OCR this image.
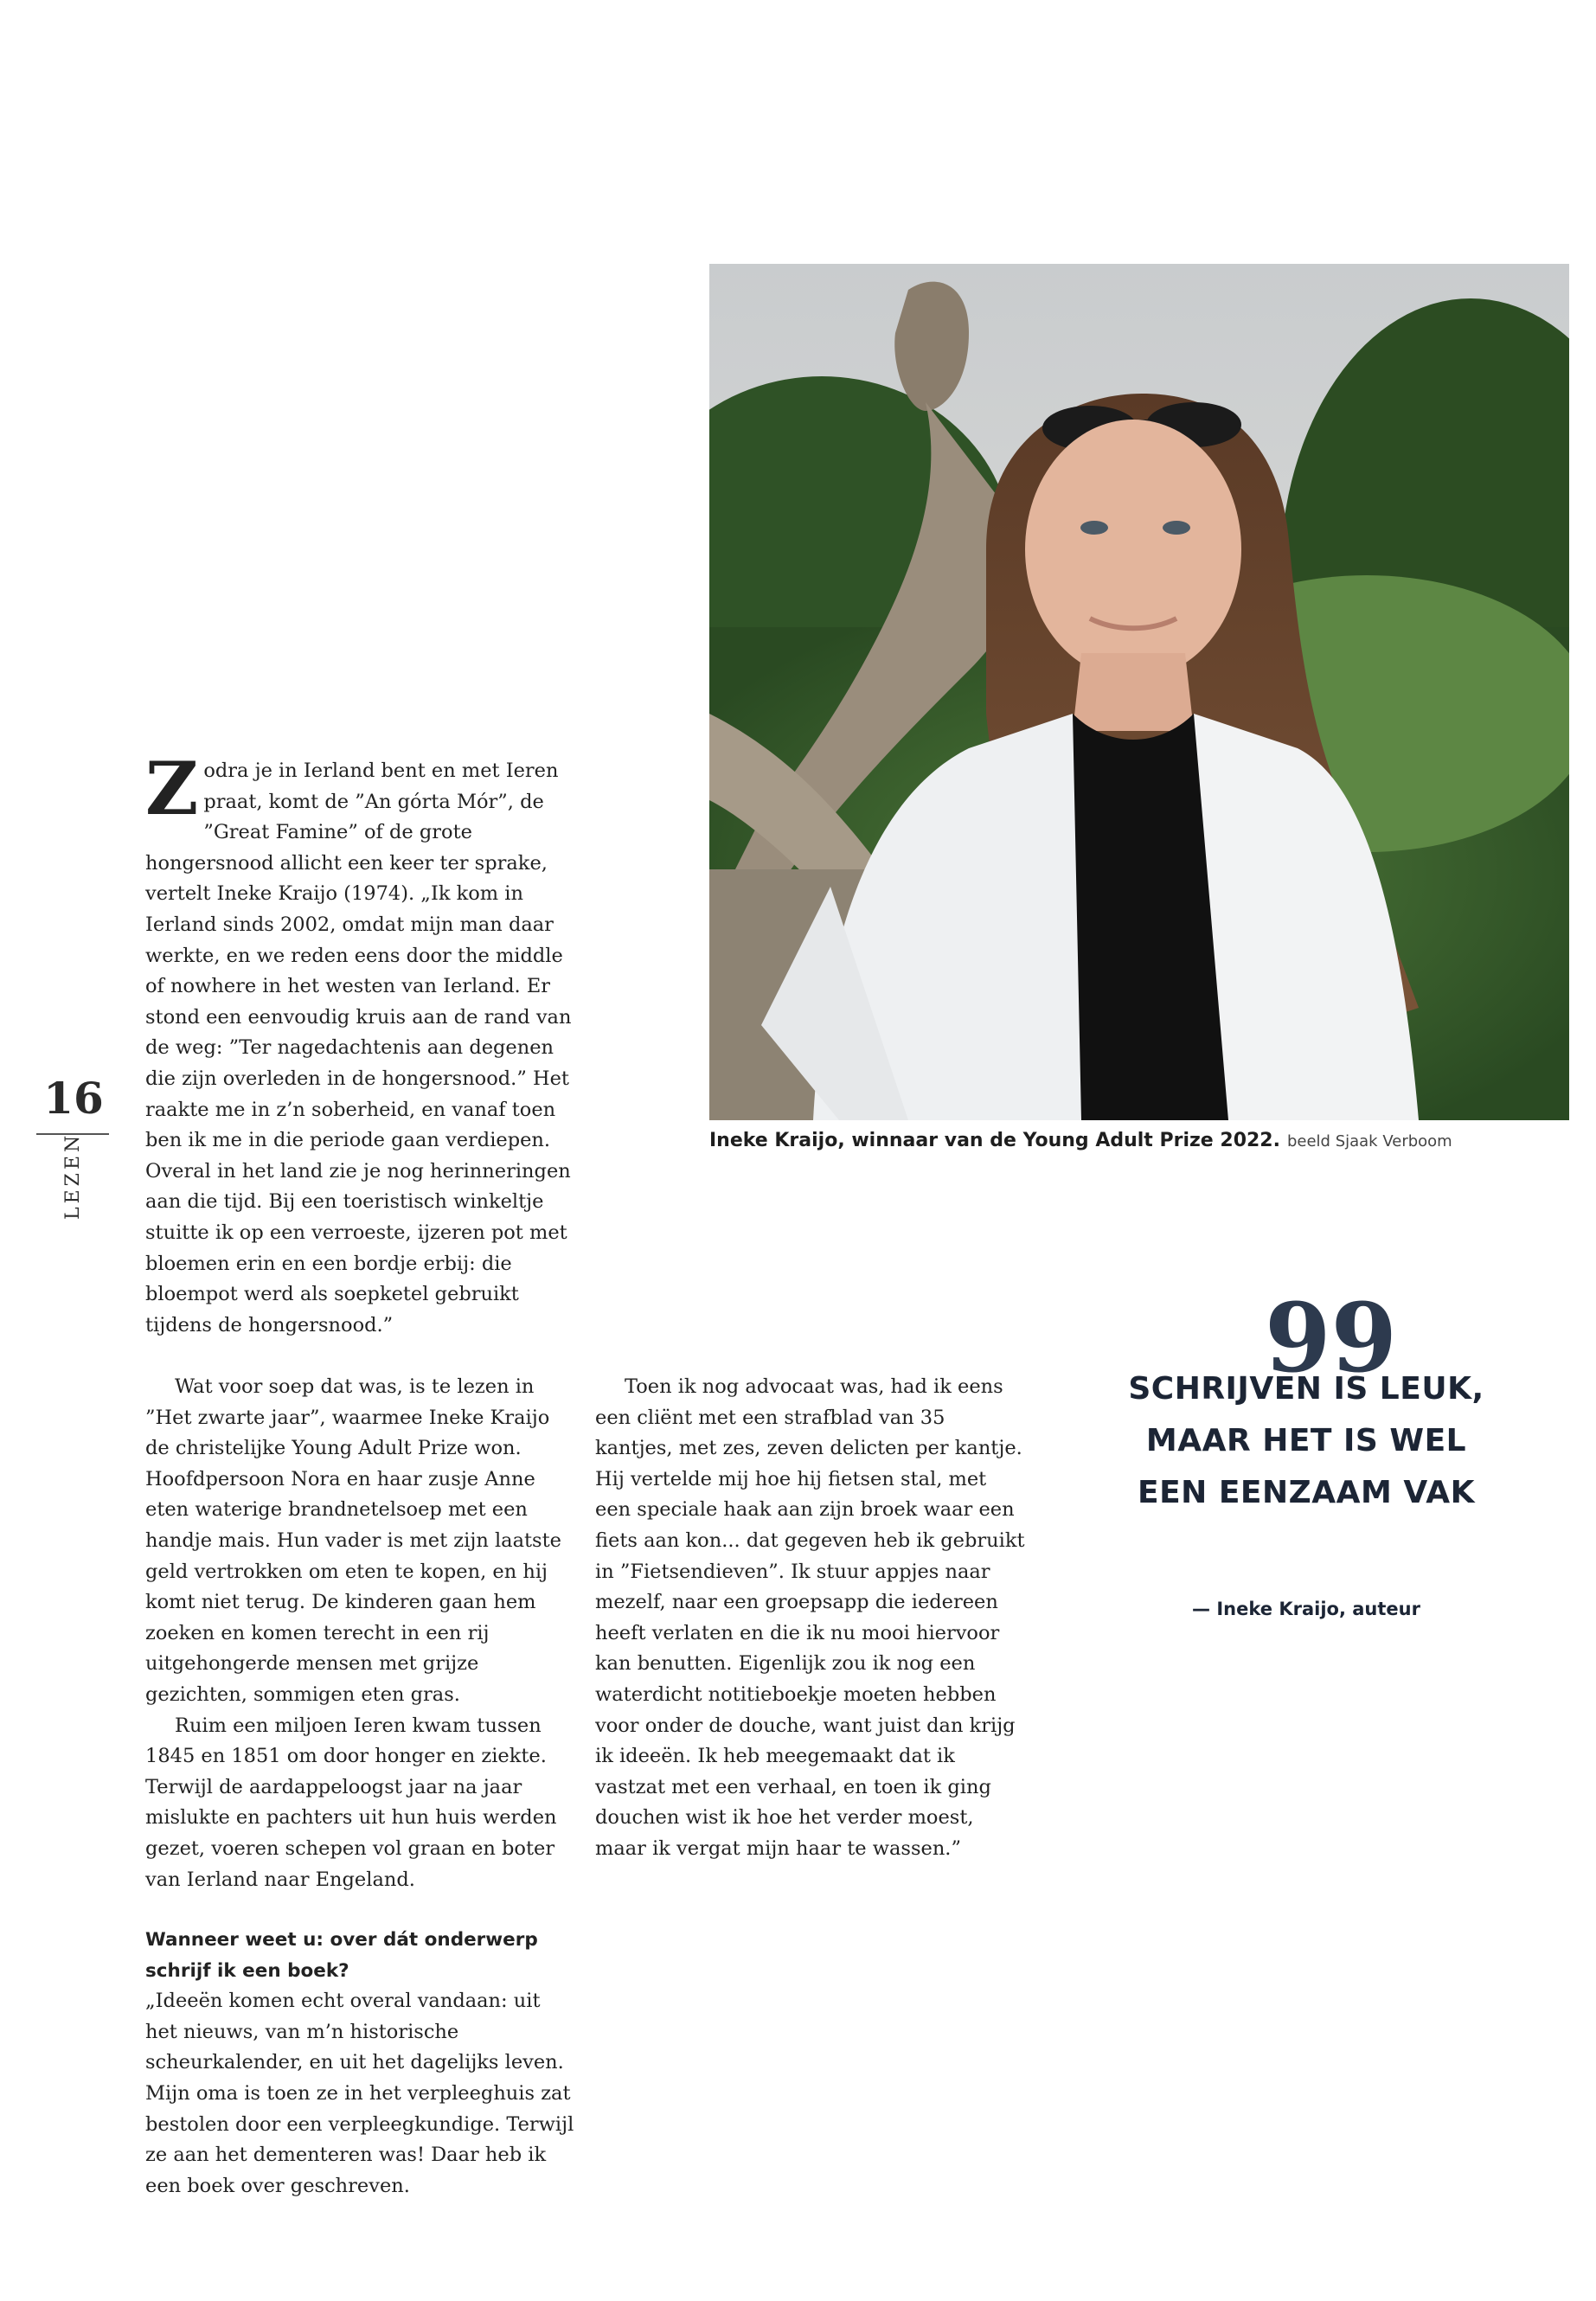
16
LEZEN	Ineke Kraijo, winnaar van de Young Adult Prize 2022. beeld Sjaak Verboom

Zodra je in Ierland bent en met Ieren praat, komt de ”An górta Mór”, de ”Great Famine” of de grote hongersnood allicht een keer ter sprake, vertelt Ineke Kraijo (1974). „Ik kom in Ierland sinds 2002, omdat mijn man daar werkte, en we reden eens door the middle of nowhere in het westen van Ierland. Er stond een eenvoudig kruis aan de rand van de weg: ”Ter nagedachtenis aan degenen die zijn overleden in de hongersnood.” Het raakte me in z’n soberheid, en vanaf toen ben ik me in die periode gaan verdiepen. Overal in het land zie je nog herinneringen aan die tijd. Bij een toeristisch winkeltje stuitte ik op een verroeste, ijzeren pot met bloemen erin en een bordje erbij: die bloempot werd als soepketel gebruikt tijdens de hongersnood.”

Wat voor soep dat was, is te lezen in ”Het zwarte jaar”, waarmee Ineke Kraijo de christelijke Young Adult Prize won. Hoofdpersoon Nora en haar zusje Anne eten waterige brandnetelsoep met een handje mais. Hun vader is met zijn laatste geld vertrokken om eten te kopen, en hij komt niet terug. De kinderen gaan hem zoeken en komen terecht in een rij uitgehongerde mensen met grijze gezichten, sommigen eten gras.

Ruim een miljoen Ieren kwam tussen 1845 en 1851 om door honger en ziekte. Terwijl de aardappeloogst jaar na jaar mislukte en pachters uit hun huis werden gezet, voeren schepen vol graan en boter van Ierland naar Engeland.

Wanneer weet u: over dát onderwerp schrijf ik een boek?

„Ideeën komen echt overal vandaan: uit het nieuws, van m’n historische scheurkalender, en uit het dagelijks leven. Mijn oma is toen ze in het verpleeghuis zat bestolen door een verpleegkundige. Terwijl ze aan het dementeren was! Daar heb ik een boek over geschreven.

Toen ik nog advocaat was, had ik eens een cliënt met een strafblad van 35 kantjes, met zes, zeven delicten per kantje. Hij vertelde mij hoe hij fietsen stal, met een speciale haak aan zijn broek waar een fiets aan kon... dat gegeven heb ik gebruikt in ”Fietsendieven”. Ik stuur appjes naar mezelf, naar een groepsapp die iedereen heeft verlaten en die ik nu mooi hiervoor kan benutten. Eigenlijk zou ik nog een waterdicht notitieboekje moeten hebben voor onder de douche, want juist dan krijg ik ideeën. Ik heb meegemaakt dat ik vastzat met een verhaal, en toen ik ging douchen wist ik hoe het verder moest, maar ik vergat mijn haar te wassen.”

99
SCHRIJVEN IS LEUK, MAAR HET IS WEL EEN EENZAAM VAK
— Ineke Kraijo, auteur
